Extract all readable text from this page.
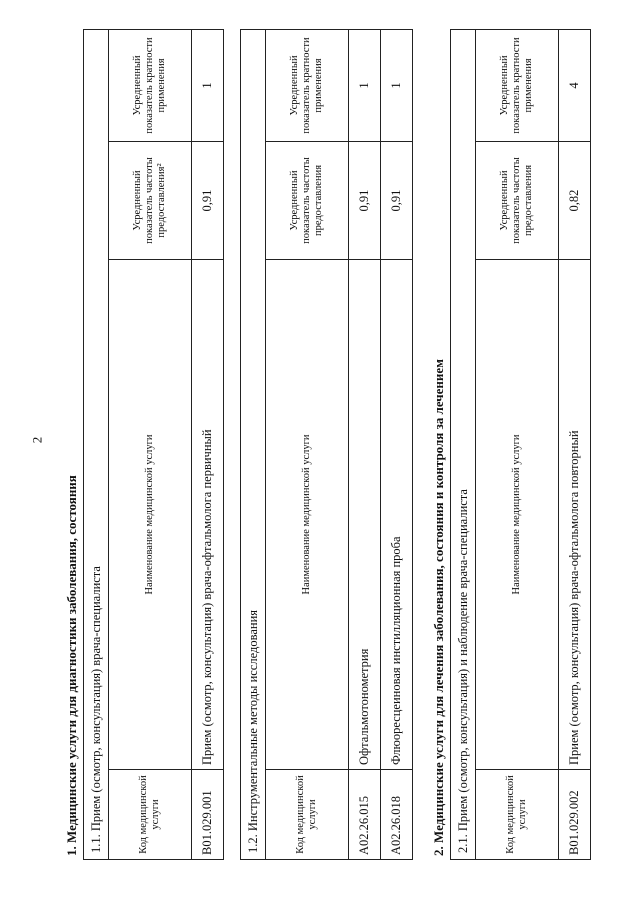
2

1. Медицинские услуги для диагностики заболевания, состояния 1.1. Прием (осмотр, консультация) врача-специалиста			
Код медицинской услуги	Наименование медицинской услуги	Усредненный показатель частоты предоставления²	Усредненный показатель кратности применения
B01.029.001	Прием (осмотр, консультация) врача-офтальмолога первичный	0,91	1
1.2. Инструментальные методы исследования			
Код медицинской услуги	Наименование медицинской услуги	Усредненный показатель частоты предоставления	Усредненный показатель кратности применения
A02.26.015	Офтальмотонометрия	0,91	1
A02.26.018	Флюоресцеиновая инстилляционная проба	0,91	1

2. Медицинские услуги для лечения заболевания, состояния и контроля за лечением 2.1. Прием (осмотр, консультация) и наблюдение врача-специалиста			
Код медицинской услуги	Наименование медицинской услуги	Усредненный показатель частоты предоставления	Усредненный показатель кратности применения
B01.029.002	Прием (осмотр, консультация) врача-офтальмолога повторный	0,82	4
